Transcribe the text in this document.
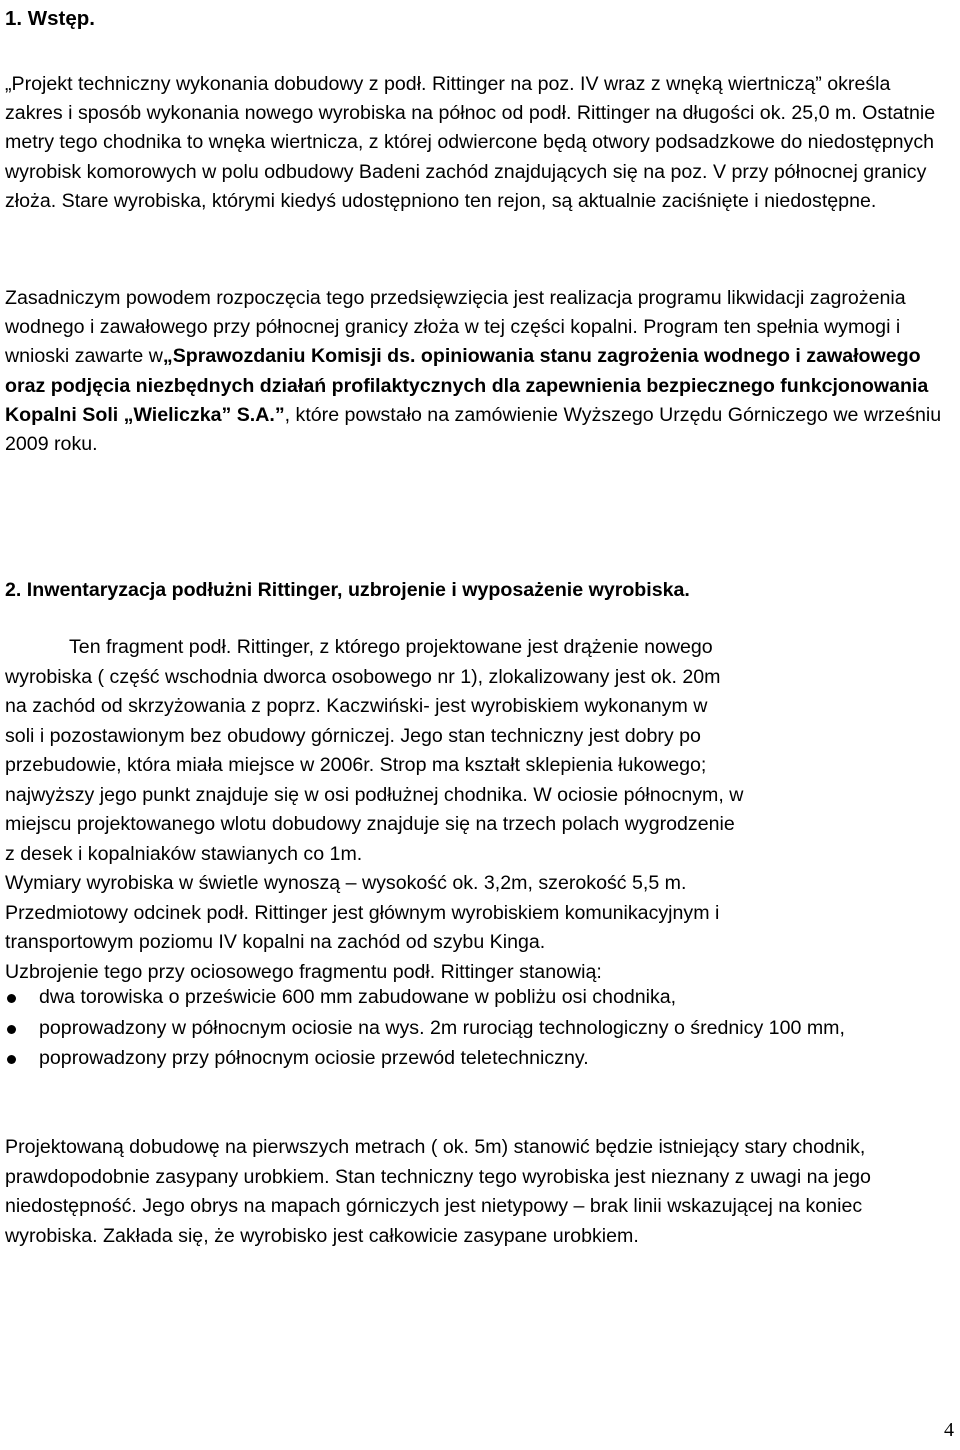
1. Wstęp.

„Projekt techniczny wykonania dobudowy z podł. Rittinger na poz. IV wraz z wnęką wiertniczą” określa zakres i sposób wykonania nowego wyrobiska na północ od podł. Rittinger na długości ok. 25,0 m. Ostatnie metry tego chodnika to wnęka wiertnicza, z której odwiercone będą otwory podsadzkowe do niedostępnych wyrobisk komorowych w polu odbudowy Badeni zachód znajdujących się na poz. V przy północnej granicy złoża. Stare wyrobiska, którymi kiedyś udostępniono ten rejon, są aktualnie zaciśnięte i niedostępne.

Zasadniczym powodem rozpoczęcia tego przedsięwzięcia jest realizacja programu likwidacji zagrożenia wodnego i zawałowego przy północnej granicy złoża w tej części kopalni. Program ten spełnia wymogi i wnioski zawarte w„Sprawozdaniu Komisji ds. opiniowania stanu zagrożenia wodnego i zawałowego oraz podjęcia niezbędnych działań profilaktycznych dla zapewnienia bezpiecznego funkcjonowania Kopalni Soli „Wieliczka” S.A.”, które powstało na zamówienie Wyższego Urzędu Górniczego we wrześniu 2009 roku.

2. Inwentaryzacja podłużni Rittinger, uzbrojenie i wyposażenie wyrobiska.

Ten fragment podł. Rittinger, z którego projektowane jest drążenie nowego
wyrobiska ( część wschodnia dworca osobowego nr 1), zlokalizowany jest ok. 20m
na zachód od skrzyżowania z poprz. Kaczwiński- jest wyrobiskiem wykonanym w
soli i pozostawionym bez obudowy górniczej. Jego stan techniczny jest dobry po
przebudowie, która miała miejsce w 2006r. Strop ma kształt sklepienia łukowego;
najwyższy jego punkt znajduje się w osi podłużnej chodnika. W ociosie północnym, w
miejscu projektowanego wlotu dobudowy znajduje się na trzech polach wygrodzenie
z desek i kopalniaków stawianych co 1m.
Wymiary wyrobiska w świetle wynoszą – wysokość ok. 3,2m, szerokość 5,5 m.
Przedmiotowy odcinek podł. Rittinger jest głównym wyrobiskiem komunikacyjnym i
transportowym poziomu IV kopalni na zachód od szybu Kinga.
Uzbrojenie tego przy ociosowego fragmentu podł. Rittinger stanowią:

dwa torowiska o prześwicie 600 mm zabudowane w pobliżu osi chodnika,
poprowadzony w północnym ociosie na wys. 2m rurociąg technologiczny o średnicy 100 mm,
poprowadzony przy północnym ociosie przewód teletechniczny.

Projektowaną dobudowę na pierwszych metrach ( ok. 5m) stanowić będzie istniejący stary chodnik, prawdopodobnie zasypany urobkiem. Stan techniczny tego wyrobiska jest nieznany z uwagi na jego niedostępność. Jego obrys na mapach górniczych jest nietypowy – brak linii wskazującej na koniec wyrobiska. Zakłada się, że wyrobisko jest całkowicie zasypane urobkiem.

4
